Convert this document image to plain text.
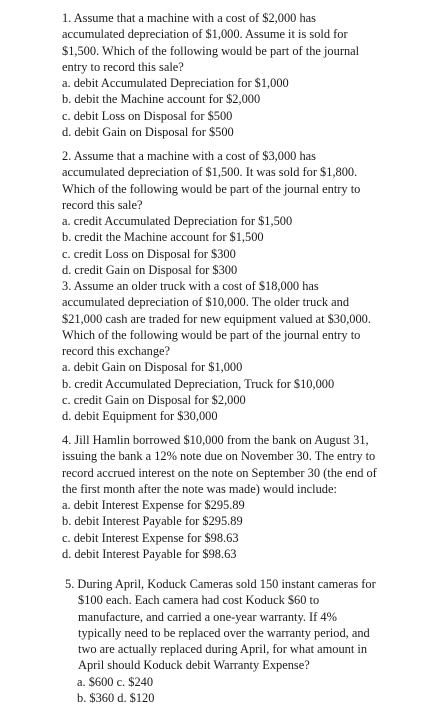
1. Assume that a machine with a cost of $2,000 has accumulated depreciation of $1,000. Assume it is sold for $1,500. Which of the following would be part of the journal entry to record this sale?

a. debit Accumulated Depreciation for $1,000
b. debit the Machine account for $2,000
c. debit Loss on Disposal for $500
d. debit Gain on Disposal for $500

2. Assume that a machine with a cost of $3,000 has accumulated depreciation of $1,500. It was sold for $1,800. Which of the following would be part of the journal entry to record this sale?

a. credit Accumulated Depreciation for $1,500
b. credit the Machine account for $1,500
c. credit Loss on Disposal for $300
d. credit Gain on Disposal for $300

3. Assume an older truck with a cost of $18,000 has accumulated depreciation of $10,000. The older truck and $21,000 cash are traded for new equipment valued at $30,000. Which of the following would be part of the journal entry to record this exchange?

a. debit Gain on Disposal for $1,000
b. credit Accumulated Depreciation, Truck for $10,000
c. credit Gain on Disposal for $2,000
d. debit Equipment for $30,000

4. Jill Hamlin borrowed $10,000 from the bank on August 31, issuing the bank a 12% note due on November 30. The entry to record accrued interest on the note on September 30 (the end of the first month after the note was made) would include:

a. debit Interest Expense for $295.89
b. debit Interest Payable for $295.89
c. debit Interest Expense for $98.63
d. debit Interest Payable for $98.63

5. During April, Koduck Cameras sold 150 instant cameras for $100 each. Each camera had cost Koduck $60 to manufacture, and carried a one-year warranty. If 4% typically need to be replaced over the warranty period, and two are actually replaced during April, for what amount in April should Koduck debit Warranty Expense?

a. $600 c. $240
b. $360 d. $120
